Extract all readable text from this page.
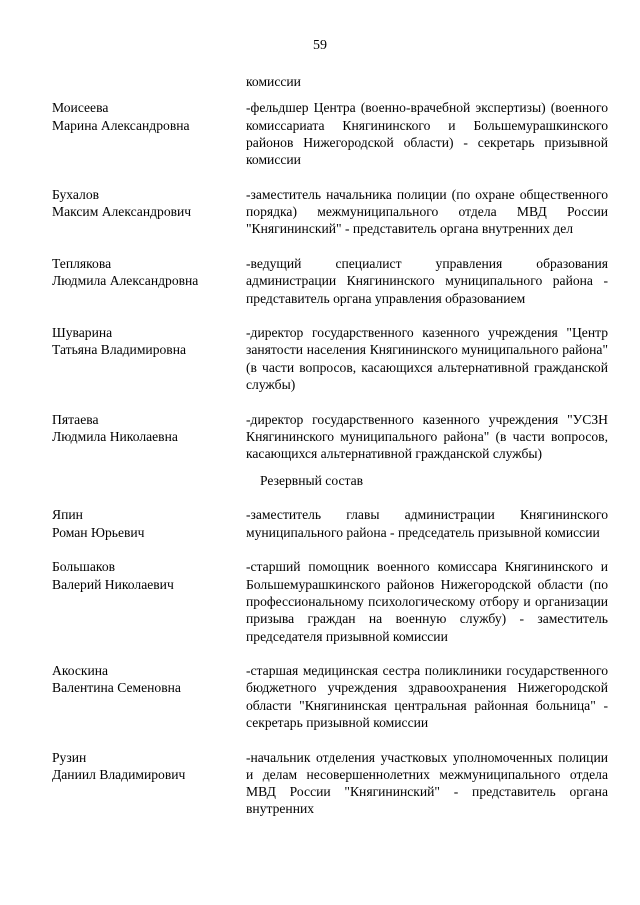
59
комиссии
Моисеева
Марина Александровна
-фельдшер Центра (военно-врачебной экспертизы) (военного комиссариата Княгининского и Большемурашкинского районов Нижегородской области) - секретарь призывной комиссии
Бухалов
Максим Александрович
-заместитель начальника полиции (по охране общественного порядка) межмуниципального отдела МВД России "Княгининский" - представитель органа внутренних дел
Теплякова
Людмила Александровна
-ведущий специалист управления образования администрации Княгининского муниципального района - представитель органа управления образованием
Шуварина
Татьяна Владимировна
-директор государственного казенного учреждения "Центр занятости населения Княгининского муниципального района" (в части вопросов, касающихся альтернативной гражданской службы)
Пятаева
Людмила Николаевна
-директор государственного казенного учреждения "УСЗН Княгининского муниципального района" (в части вопросов, касающихся альтернативной гражданской службы)
Резервный состав
Япин
Роман Юрьевич
-заместитель главы администрации Княгининского муниципального района - председатель призывной комиссии
Большаков
Валерий Николаевич
-старший помощник военного комиссара Княгининского и Большемурашкинского районов Нижегородской области (по профессиональному психологическому отбору и организации призыва граждан на военную службу) - заместитель председателя призывной комиссии
Акоскина
Валентина Семеновна
-старшая медицинская сестра поликлиники государственного бюджетного учреждения здравоохранения Нижегородской области "Княгининская центральная районная больница" - секретарь призывной комиссии
Рузин
Даниил Владимирович
-начальник отделения участковых уполномоченных полиции и делам несовершеннолетних межмуниципального отдела МВД России "Княгининский" - представитель органа внутренних
